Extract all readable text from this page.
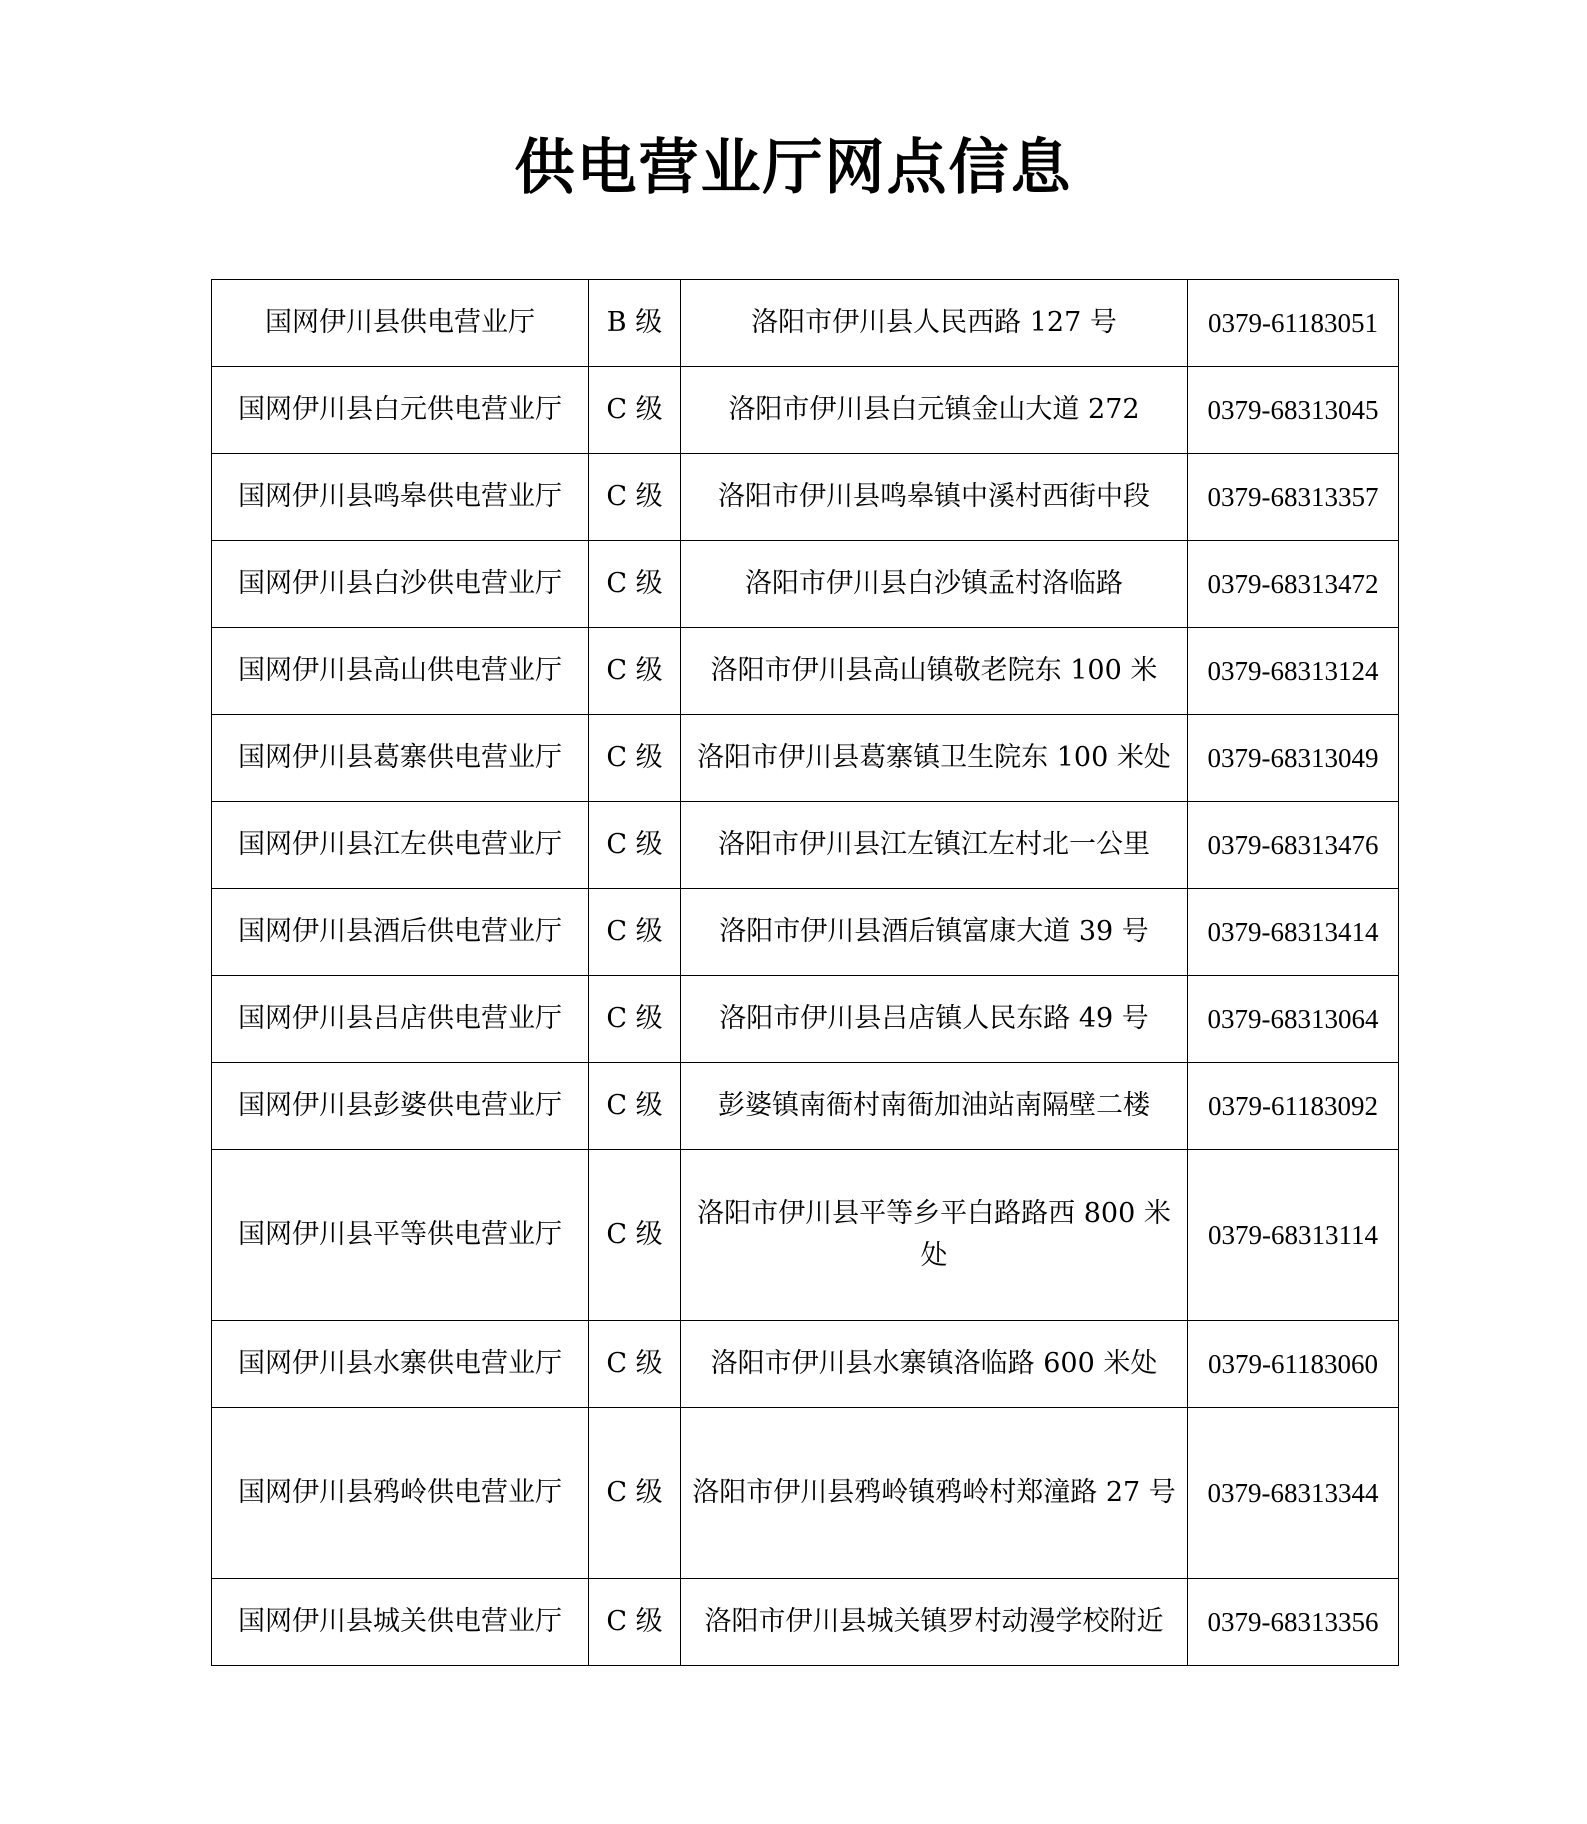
供电营业厅网点信息
国网伊川县供电营业厅	B 级	洛阳市伊川县人民西路 127 号	0379-61183051
国网伊川县白元供电营业厅	C 级	洛阳市伊川县白元镇金山大道 272	0379-68313045
国网伊川县鸣皋供电营业厅	C 级	洛阳市伊川县鸣皋镇中溪村西街中段	0379-68313357
国网伊川县白沙供电营业厅	C 级	洛阳市伊川县白沙镇孟村洛临路	0379-68313472
国网伊川县高山供电营业厅	C 级	洛阳市伊川县高山镇敬老院东 100 米	0379-68313124
国网伊川县葛寨供电营业厅	C 级	洛阳市伊川县葛寨镇卫生院东 100 米处	0379-68313049
国网伊川县江左供电营业厅	C 级	洛阳市伊川县江左镇江左村北一公里	0379-68313476
国网伊川县酒后供电营业厅	C 级	洛阳市伊川县酒后镇富康大道 39 号	0379-68313414
国网伊川县吕店供电营业厅	C 级	洛阳市伊川县吕店镇人民东路 49 号	0379-68313064
国网伊川县彭婆供电营业厅	C 级	彭婆镇南衙村南衙加油站南隔壁二楼	0379-61183092
国网伊川县平等供电营业厅	C 级	洛阳市伊川县平等乡平白路路西 800 米处	0379-68313114
国网伊川县水寨供电营业厅	C 级	洛阳市伊川县水寨镇洛临路 600 米处	0379-61183060
国网伊川县鸦岭供电营业厅	C 级	洛阳市伊川县鸦岭镇鸦岭村郑潼路 27 号	0379-68313344
国网伊川县城关供电营业厅	C 级	洛阳市伊川县城关镇罗村动漫学校附近	0379-68313356
